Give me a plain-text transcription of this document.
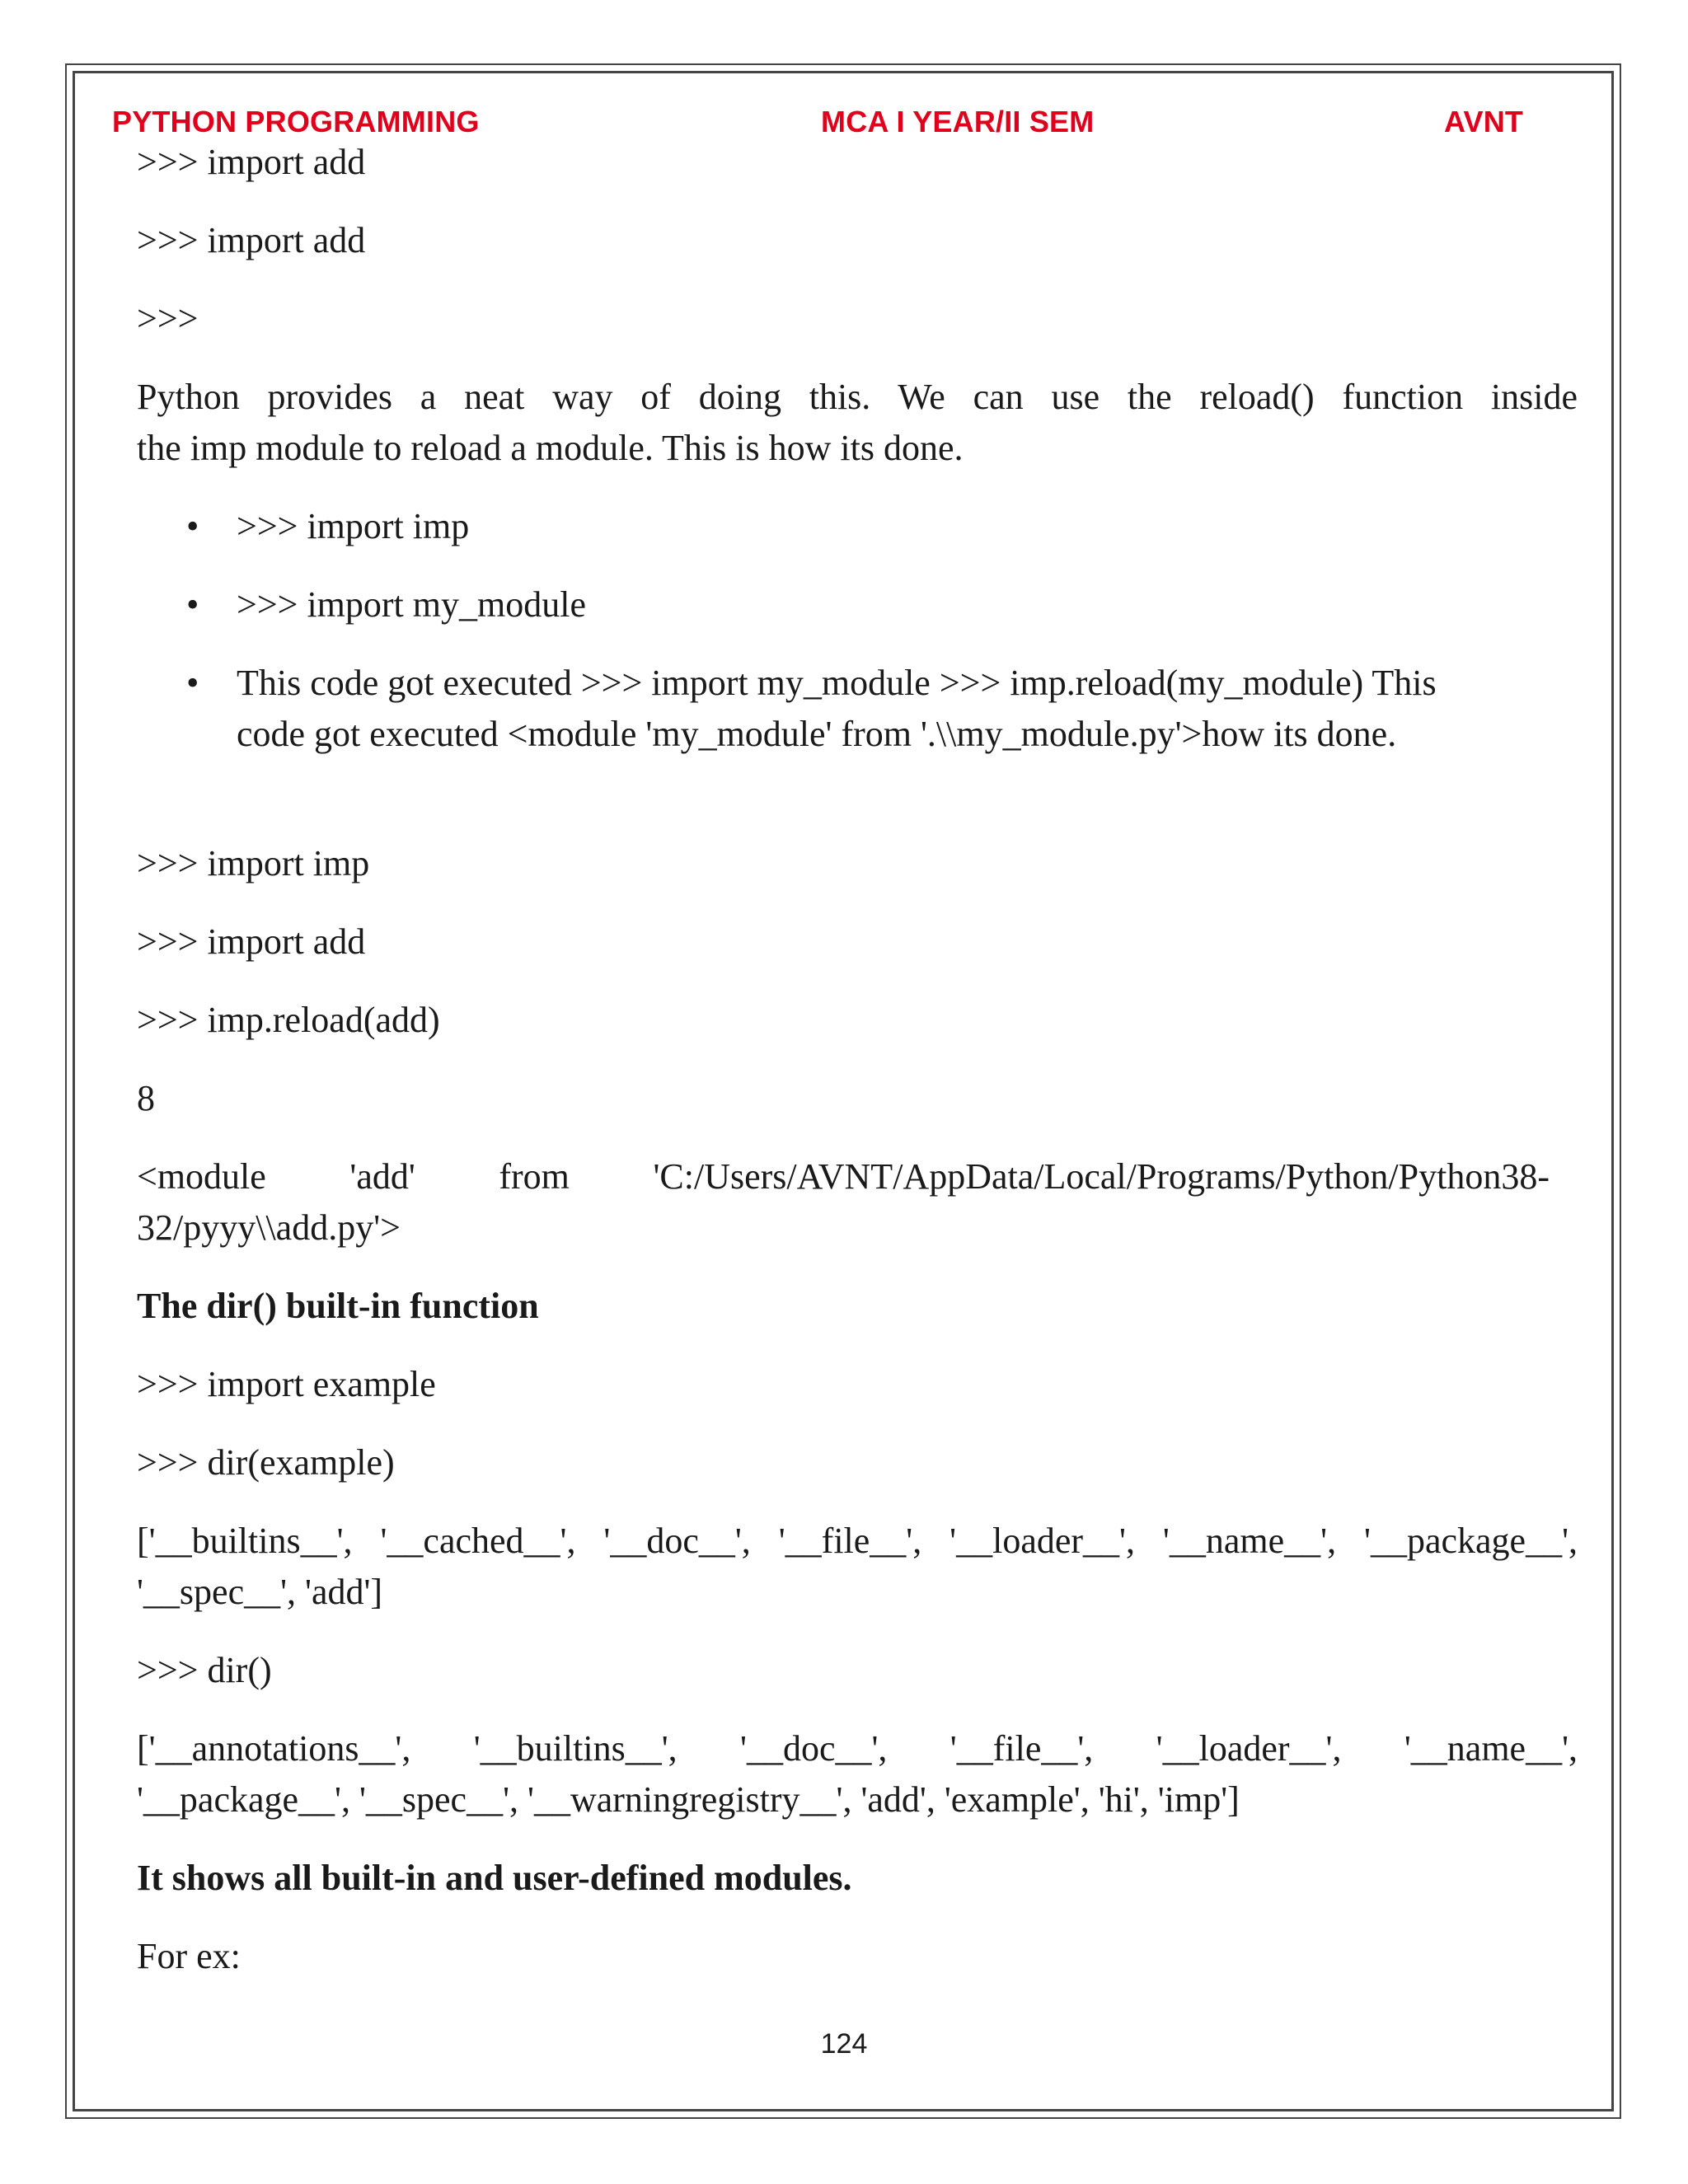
PYTHON PROGRAMMING	MCA I YEAR/II SEM	AVNT

>>> import add

>>> import add

>>>

Python provides a neat way of doing this. We can use the reload() function inside

the imp module to reload a module. This is how its done.

• >>> import imp
• >>> import my_module
• This code got executed >>> import my_module >>> imp.reload(my_module) This
code got executed <module 'my_module' from '.\\my_module.py'>how its done.

>>> import imp

>>> import add

>>> imp.reload(add)

8

<module 'add' from 'C:/Users/AVNT/AppData/Local/Programs/Python/Python38-

32/pyyy\\add.py'>

The dir() built-in function

>>> import example

>>> dir(example)

['__builtins__', '__cached__', '__doc__', '__file__', '__loader__', '__name__', '__package__',

'__spec__', 'add']

>>> dir()

['__annotations__', '__builtins__', '__doc__', '__file__', '__loader__', '__name__',

'__package__', '__spec__', '__warningregistry__', 'add', 'example', 'hi', 'imp']

It shows all built-in and user-defined modules.

For ex:

124
